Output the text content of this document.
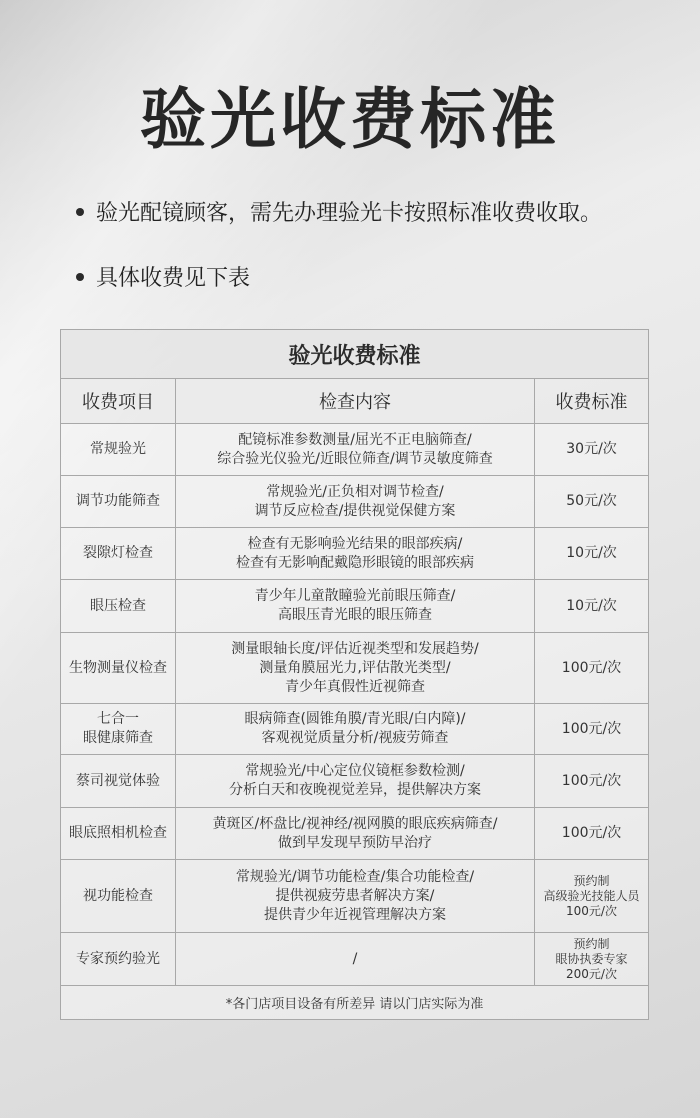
验光收费标准
验光配镜顾客，需先办理验光卡按照标准收费收取。
具体收费见下表
验光收费标准		
收费项目	检查内容	收费标准

常规验光	配镜标准参数测量/屈光不正电脑筛查/
综合验光仪验光/近眼位筛查/调节灵敏度筛查	30元/次

调节功能筛查	常规验光/正负相对调节检查/
调节反应检查/提供视觉保健方案	50元/次

裂隙灯检查	检查有无影响验光结果的眼部疾病/
检查有无影响配戴隐形眼镜的眼部疾病	10元/次

眼压检查	青少年儿童散瞳验光前眼压筛查/
高眼压青光眼的眼压筛查	10元/次

生物测量仪检查	测量眼轴长度/评估近视类型和发展趋势/
测量角膜屈光力,评估散光类型/
青少年真假性近视筛查	100元/次

七合一
眼健康筛查	眼病筛查(圆锥角膜/青光眼/白内障)/
客观视觉质量分析/视疲劳筛查	100元/次

蔡司视觉体验	常规验光/中心定位仪镜框参数检测/
分析白天和夜晚视觉差异，提供解决方案	100元/次

眼底照相机检查	黄斑区/杯盘比/视神经/视网膜的眼底疾病筛查/
做到早发现早预防早治疗	100元/次

视功能检查	常规验光/调节功能检查/集合功能检查/
提供视疲劳患者解决方案/
提供青少年近视管理解决方案	预约制
高级验光技能人员
100元/次

专家预约验光	/	预约制
眼协执委专家
200元/次

*各门店项目设备有所差异 请以门店实际为准		
